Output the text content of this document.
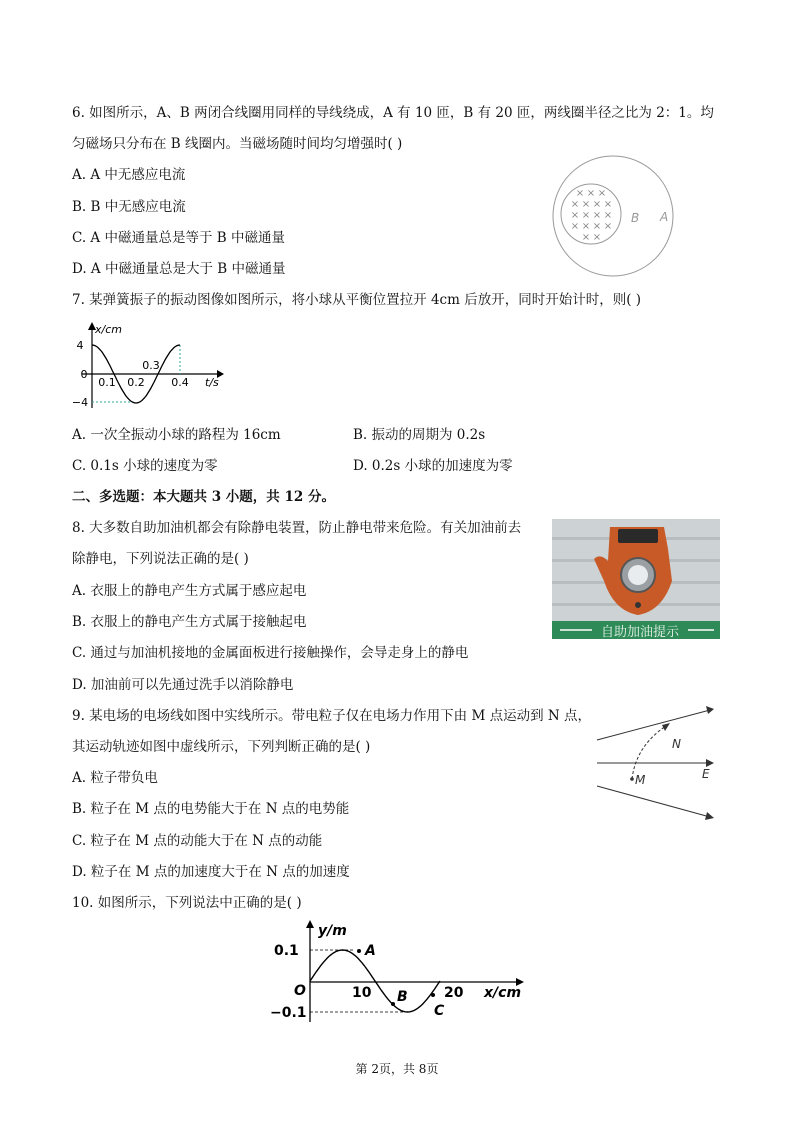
6. 如图所示，A、B 两闭合线圈用同样的导线绕成，A 有 10 匝，B 有 20 匝，两线圈半径之比为 2：1。均
匀磁场只分布在 B 线圈内。当磁场随时间均匀增强时( )
A. A 中无感应电流
B. B 中无感应电流
C. A 中磁通量总是等于 B 中磁通量
D. A 中磁通量总是大于 B 中磁通量
× × ×
× × × ×
× × × ×
× × × ×
× ×
B A
7. 某弹簧振子的振动图像如图所示，将小球从平衡位置拉开 4cm 后放开，同时开始计时，则( )
x/cm
4
0
−4
0.1 0.2
0.3
0.4 t/s
A. 一次全振动小球的路程为 16cm	B. 振动的周期为 0.2s
C. 0.1s 小球的速度为零	D. 0.2s 小球的加速度为零
二、多选题：本大题共 3 小题，共 12 分。
8. 大多数自助加油机都会有除静电装置，防止静电带来危险。有关加油前去
除静电，下列说法正确的是( )
A. 衣服上的静电产生方式属于感应起电
B. 衣服上的静电产生方式属于接触起电
C. 通过与加油机接地的金属面板进行接触操作，会导走身上的静电
D. 加油前可以先通过洗手以消除静电
自助加油提示
9. 某电场的电场线如图中实线所示。带电粒子仅在电场力作用下由 M 点运动到 N 点，
其运动轨迹如图中虚线所示，下列判断正确的是( )
A. 粒子带负电
B. 粒子在 M 点的电势能大于在 N 点的电势能
C. 粒子在 M 点的动能大于在 N 点的动能
D. 粒子在 M 点的加速度大于在 N 点的加速度
N
M	E
10. 如图所示，下列说法中正确的是( )
y/m
0.1
O
−0.1
10	20 x/cm
A
B
C
第 2页，共 8页
